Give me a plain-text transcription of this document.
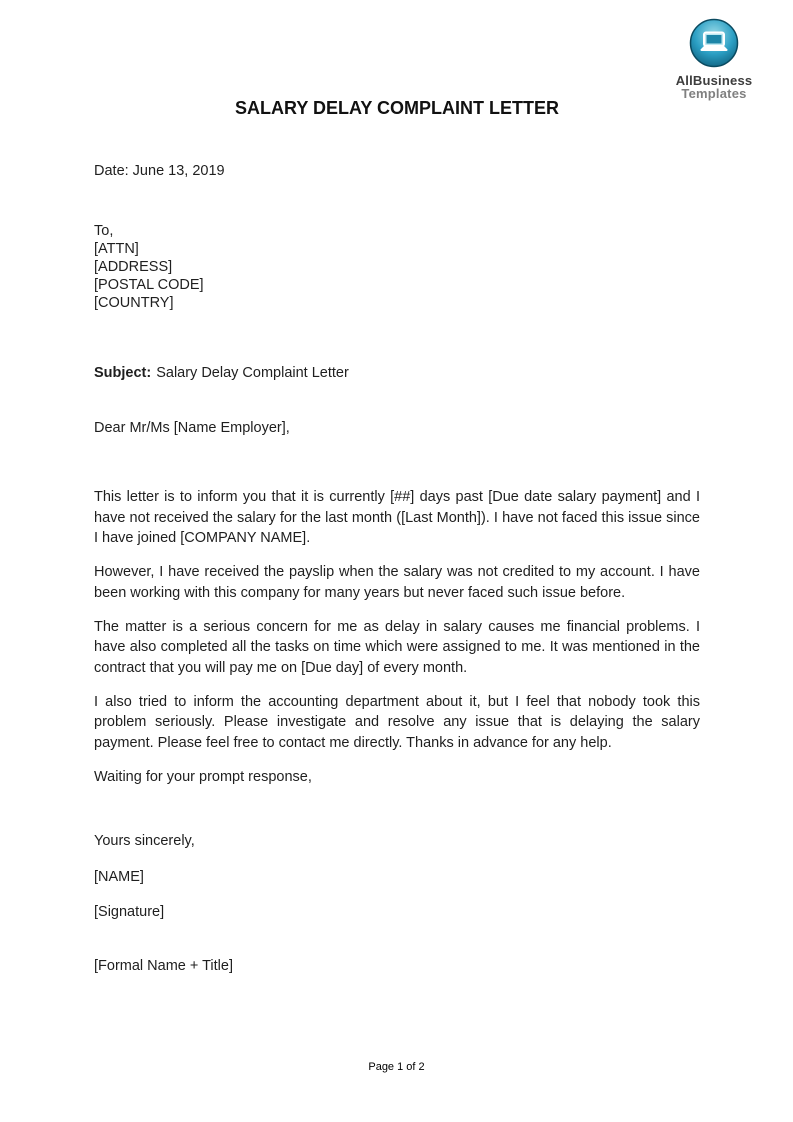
AllBusiness
Templates
SALARY DELAY COMPLAINT LETTER
Date: June 13, 2019
To,
[ATTN]
[ADDRESS]
[POSTAL CODE]
[COUNTRY]
Subject: Salary Delay Complaint Letter
Dear Mr/Ms [Name Employer],

This letter is to inform you that it is currently [##] days past [Due date salary payment] and I have not received the salary for the last month ([Last Month]). I have not faced this issue since I have joined [COMPANY NAME].

However, I have received the payslip when the salary was not credited to my account. I have been working with this company for many years but never faced such issue before.

The matter is a serious concern for me as delay in salary causes me financial problems. I have also completed all the tasks on time which were assigned to me. It was mentioned in the contract that you will pay me on [Due day] of every month.

I also tried to inform the accounting department about it, but I feel that nobody took this problem seriously. Please investigate and resolve any issue that is delaying the salary payment. Please feel free to contact me directly. Thanks in advance for any help.

Waiting for your prompt response,

Yours sincerely,
[NAME]
[Signature]
[Formal Name + Title]
Page 1 of 2
